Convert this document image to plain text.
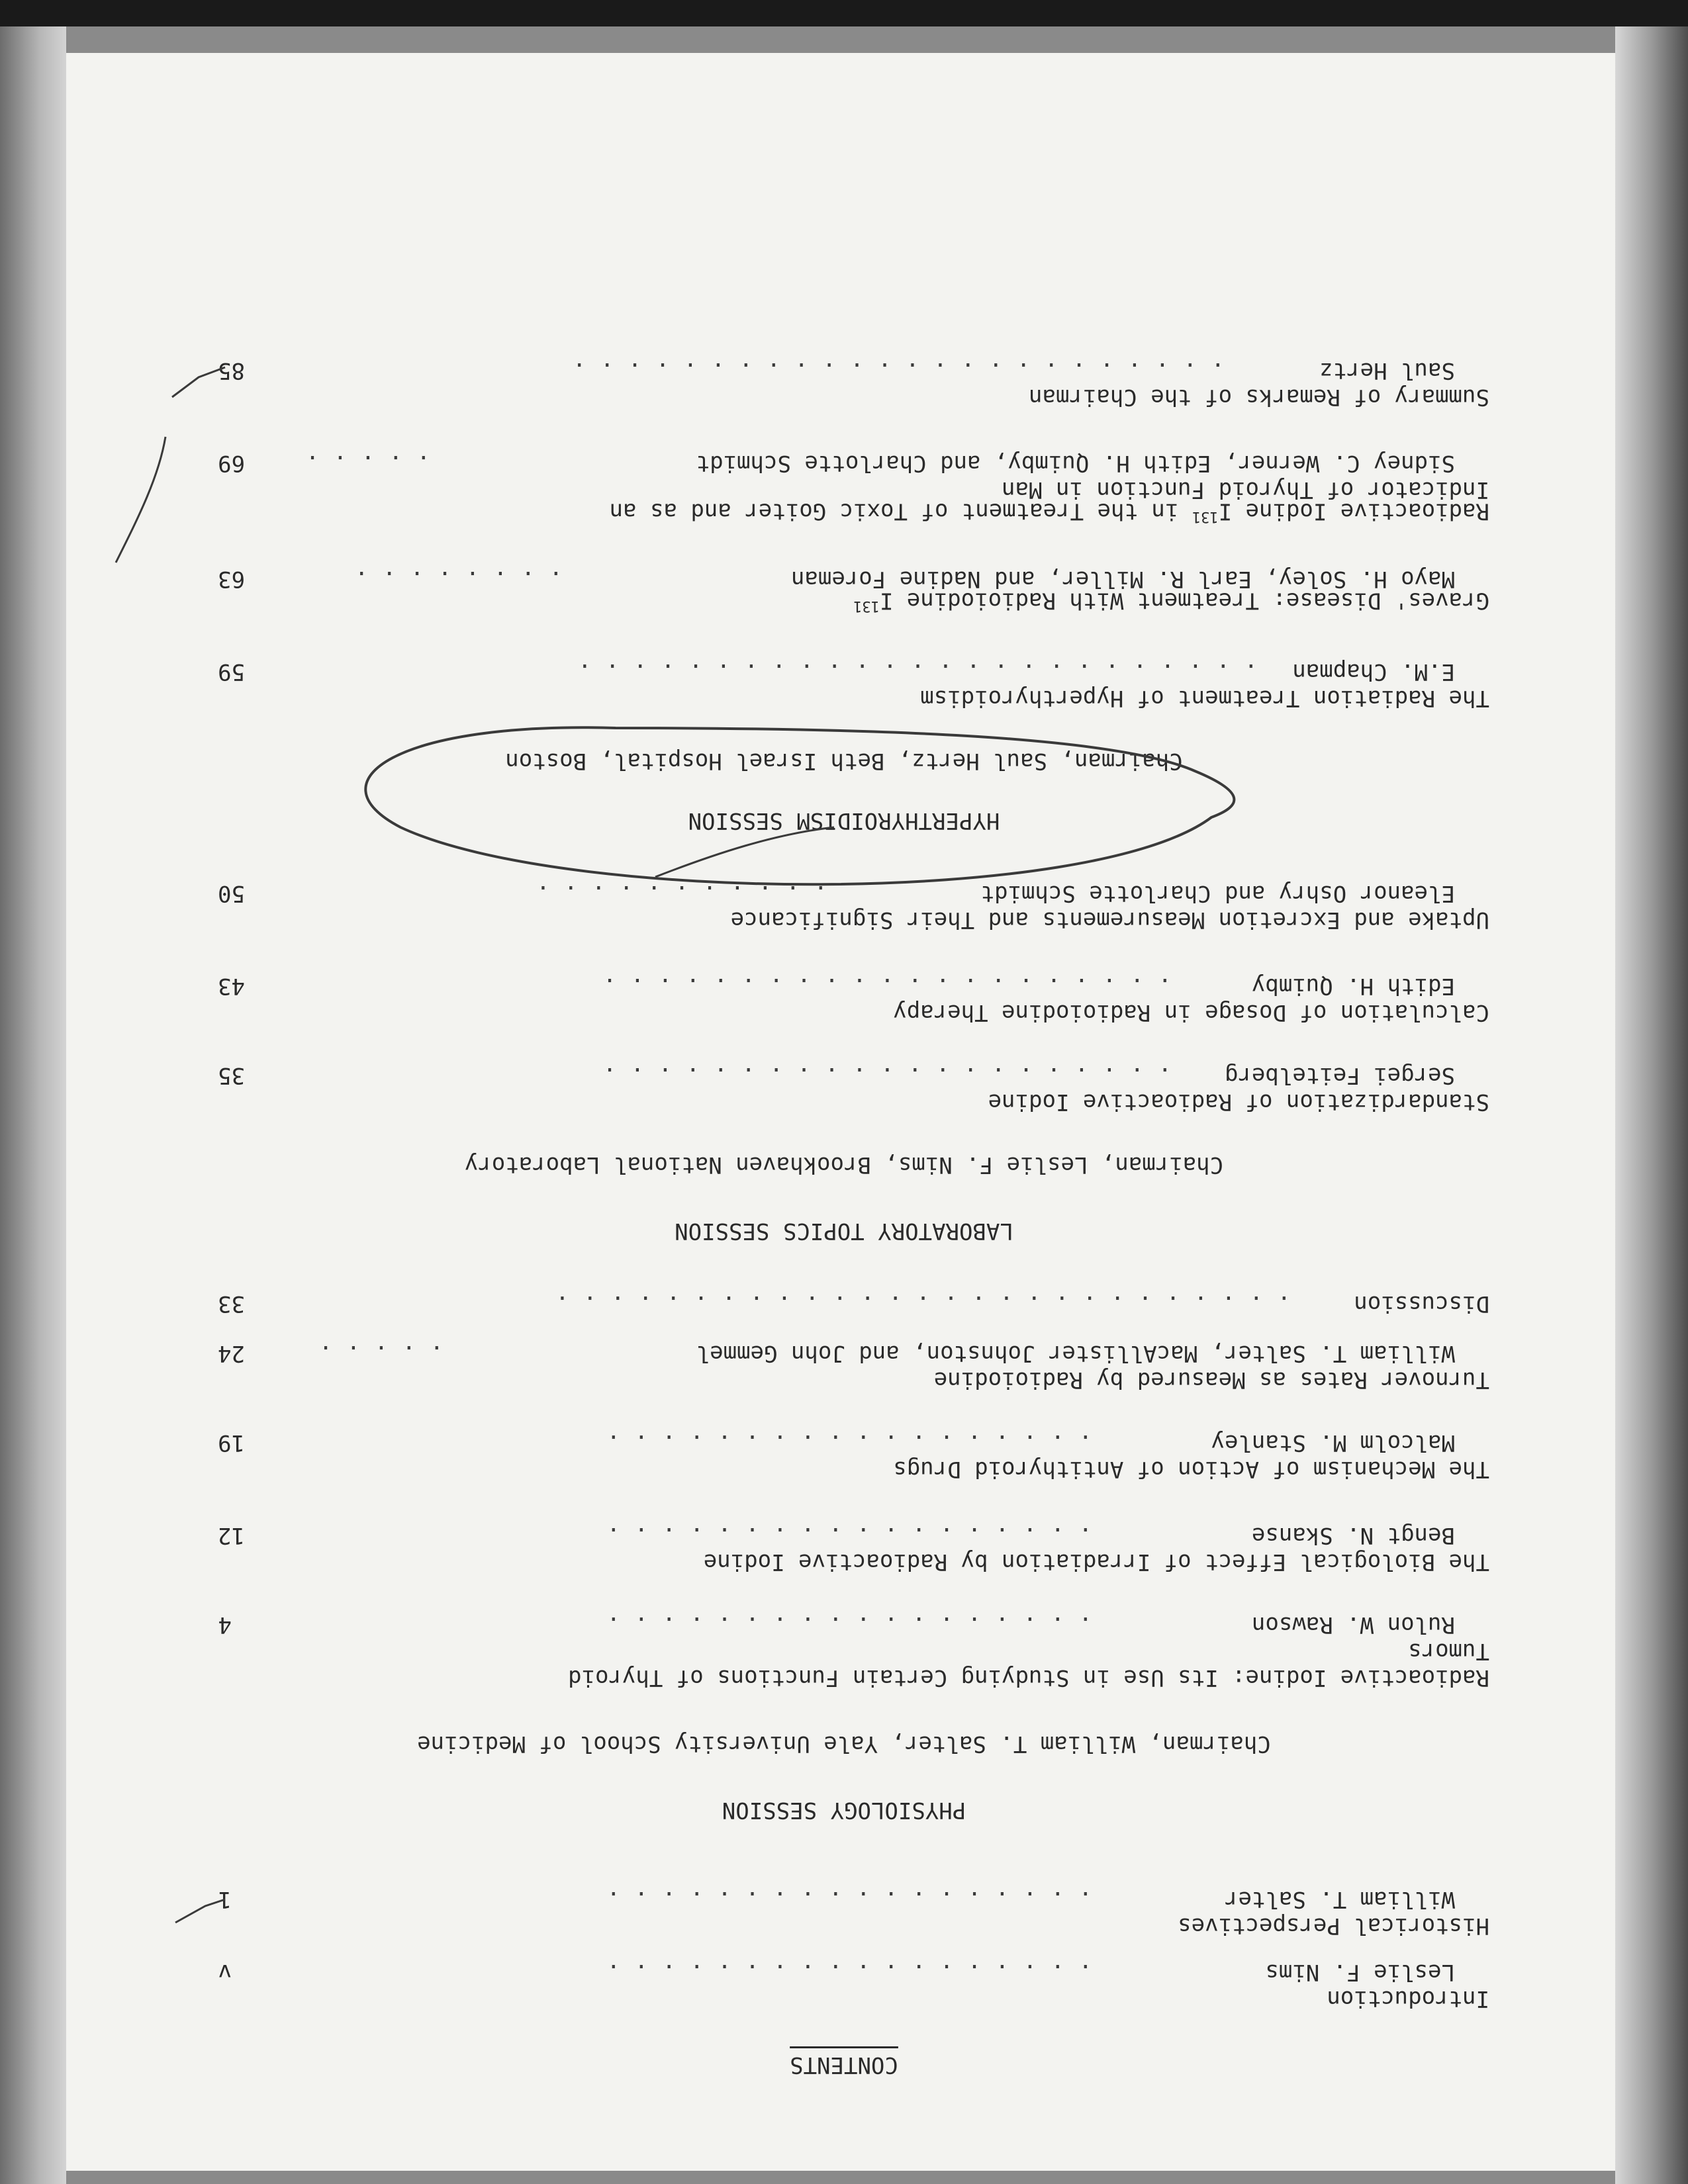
CONTENTS
Introduction
Leslie F. Nims
. . . . . . . . . . . . . . . . . .
v
Historical Perspectives
William T. Salter
. . . . . . . . . . . . . . . . . .
1
PHYSIOLOGY SESSION
Chairman, William T. Salter, Yale University School of Medicine
Radioactive Iodine: Its Use in Studying Certain Functions of Thyroid
Tumors
Rulon W. Rawson
. . . . . . . . . . . . . . . . . .
4
The Biological Effect of Irradiation by Radioactive Iodine
Bengt N. Skanse
. . . . . . . . . . . . . . . . . .
12
The Mechanism of Action of Antithyroid Drugs
Malcolm M. Stanley
. . . . . . . . . . . . . . . . . .
19
Turnover Rates as Measured by Radioiodine
William T. Salter, MacAllister Johnston, and John Gemmel
. . . . .
24
Discussion
. . . . . . . . . . . . . . . . . . . . . . . . . . .
33
LABORATORY TOPICS SESSION
Chairman, Leslie F. Nims, Brookhaven National Laboratory
Standardization of Radioactive Iodine
Sergei Feitelberg
. . . . . . . . . . . . . . . . . . . . .
35
Calculation of Dosage in Radioiodine Therapy
Edith H. Quimby
. . . . . . . . . . . . . . . . . . . . .
43
Uptake and Excretion Measurements and Their Significance
Eleanor Oshry and Charlotte Schmidt
. . . . . . . . . . .
50
HYPERTHYROIDISM SESSION
Chairman, Saul Hertz, Beth Israel Hospital, Boston
The Radiation Treatment of Hyperthyroidism
E.M. Chapman
. . . . . . . . . . . . . . . . . . . . . . . . .
59
Graves' Disease: Treatment With Radioiodine $I^{131}$
Mayo H. Soley, Earl R. Miller, and Nadine Foreman
. . . . . . . .
63
Radioactive Iodine $I^{131}$ in the Treatment of Toxic Goiter and as an
Indicator of Thyroid Function in Man
Sidney C. Werner, Edith H. Quimby, and Charlotte Schmidt
. . . . .
69
Summary of Remarks of the Chairman
Saul Hertz
. . . . . . . . . . . . . . . . . . . . . . . .
85
